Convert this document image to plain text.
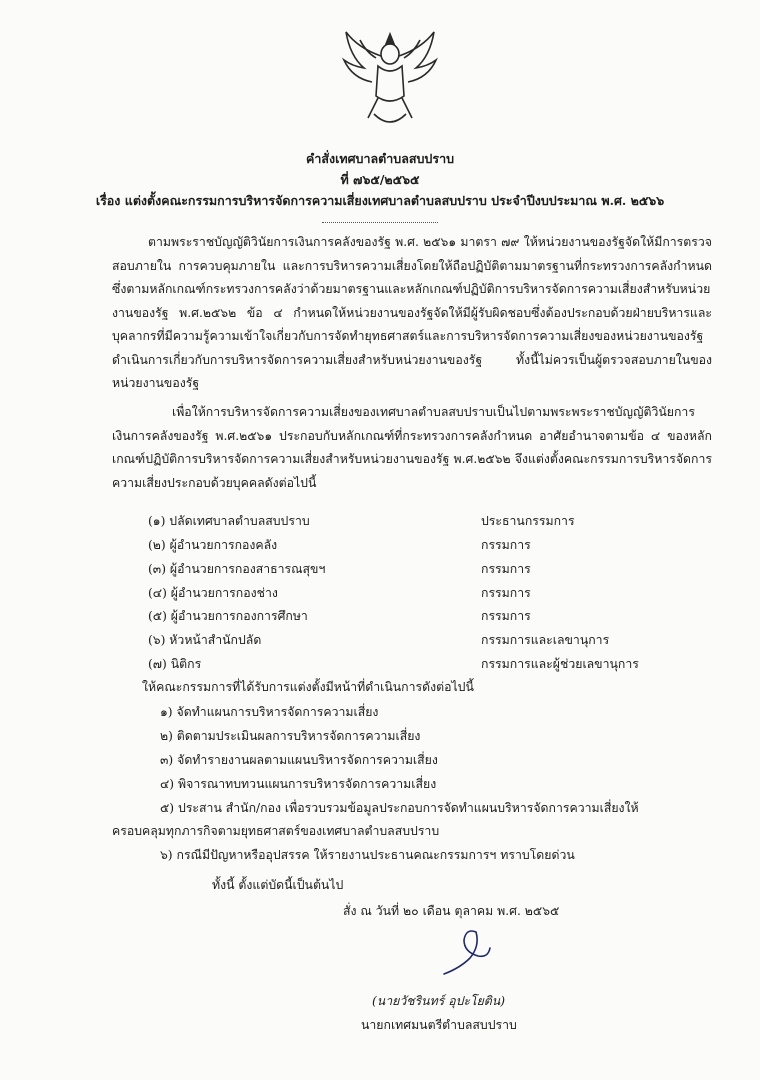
คำสั่งเทศบาลตำบลสบปราบ
ที่ ๗๖๕/๒๕๖๕
เรื่อง แต่งตั้งคณะกรรมการบริหารจัดการความเสี่ยงเทศบาลตำบลสบปราบ ประจำปีงบประมาณ พ.ศ. ๒๕๖๖
ตามพระราชบัญญัติวินัยการเงินการคลังของรัฐ พ.ศ. ๒๕๖๑ มาตรา ๗๙ ให้หน่วยงานของรัฐจัดให้มีการตรวจสอบภายใน การควบคุมภายใน และการบริหารความเสี่ยงโดยให้ถือปฏิบัติตามมาตรฐานที่กระทรวงการคลังกำหนด ซึ่งตามหลักเกณฑ์กระทรวงการคลังว่าด้วยมาตรฐานและหลักเกณฑ์ปฏิบัติการบริหารจัดการความเสี่ยงสำหรับหน่วยงานของรัฐ พ.ศ.๒๕๖๒ ข้อ ๔ กำหนดให้หน่วยงานของรัฐจัดให้มีผู้รับผิดชอบซึ่งต้องประกอบด้วยฝ่ายบริหารและบุคลากรที่มีความรู้ความเข้าใจเกี่ยวกับการจัดทำยุทธศาสตร์และการบริหารจัดการความเสี่ยงของหน่วยงานของรัฐดำเนินการเกี่ยวกับการบริหารจัดการความเสี่ยงสำหรับหน่วยงานของรัฐ ทั้งนี้ไม่ควรเป็นผู้ตรวจสอบภายในของหน่วยงานของรัฐ
เพื่อให้การบริหารจัดการความเสี่ยงของเทศบาลตำบลสบปราบเป็นไปตามพระพระราชบัญญัติวินัยการเงินการคลังของรัฐ พ.ศ.๒๕๖๑ ประกอบกับหลักเกณฑ์ที่กระทรวงการคลังกำหนด อาศัยอำนาจตามข้อ ๔ ของหลักเกณฑ์ปฏิบัติการบริหารจัดการความเสี่ยงสำหรับหน่วยงานของรัฐ พ.ศ.๒๕๖๒ จึงแต่งตั้งคณะกรรมการบริหารจัดการความเสี่ยงประกอบด้วยบุคคลดังต่อไปนี้
(๑) ปลัดเทศบาลตำบลสบปราบ	ประธานกรรมการ
(๒) ผู้อำนวยการกองคลัง	กรรมการ
(๓) ผู้อำนวยการกองสาธารณสุขฯ	กรรมการ
(๔) ผู้อำนวยการกองช่าง	กรรมการ
(๕) ผู้อำนวยการกองการศึกษา	กรรมการ
(๖) หัวหน้าสำนักปลัด	กรรมการและเลขานุการ
(๗) นิติกร	กรรมการและผู้ช่วยเลขานุการ
ให้คณะกรรมการที่ได้รับการแต่งตั้งมีหน้าที่ดำเนินการดังต่อไปนี้
๑) จัดทำแผนการบริหารจัดการความเสี่ยง
๒) ติดตามประเมินผลการบริหารจัดการความเสี่ยง
๓) จัดทำรายงานผลตามแผนบริหารจัดการความเสี่ยง
๔) พิจารณาทบทวนแผนการบริหารจัดการความเสี่ยง
๕) ประสาน สำนัก/กอง เพื่อรวบรวมข้อมูลประกอบการจัดทำแผนบริหารจัดการความเสี่ยงให้
ครอบคลุมทุกภารกิจตามยุทธศาสตร์ของเทศบาลตำบลสบปราบ
๖) กรณีมีปัญหาหรืออุปสรรค ให้รายงานประธานคณะกรรมการฯ ทราบโดยด่วน
ทั้งนี้ ตั้งแต่บัดนี้เป็นต้นไป
สั่ง ณ วันที่ ๒๐ เดือน ตุลาคม พ.ศ. ๒๕๖๕
(นายวัชรินทร์ อุปะโยติน)
นายกเทศมนตรีตำบลสบปราบ
